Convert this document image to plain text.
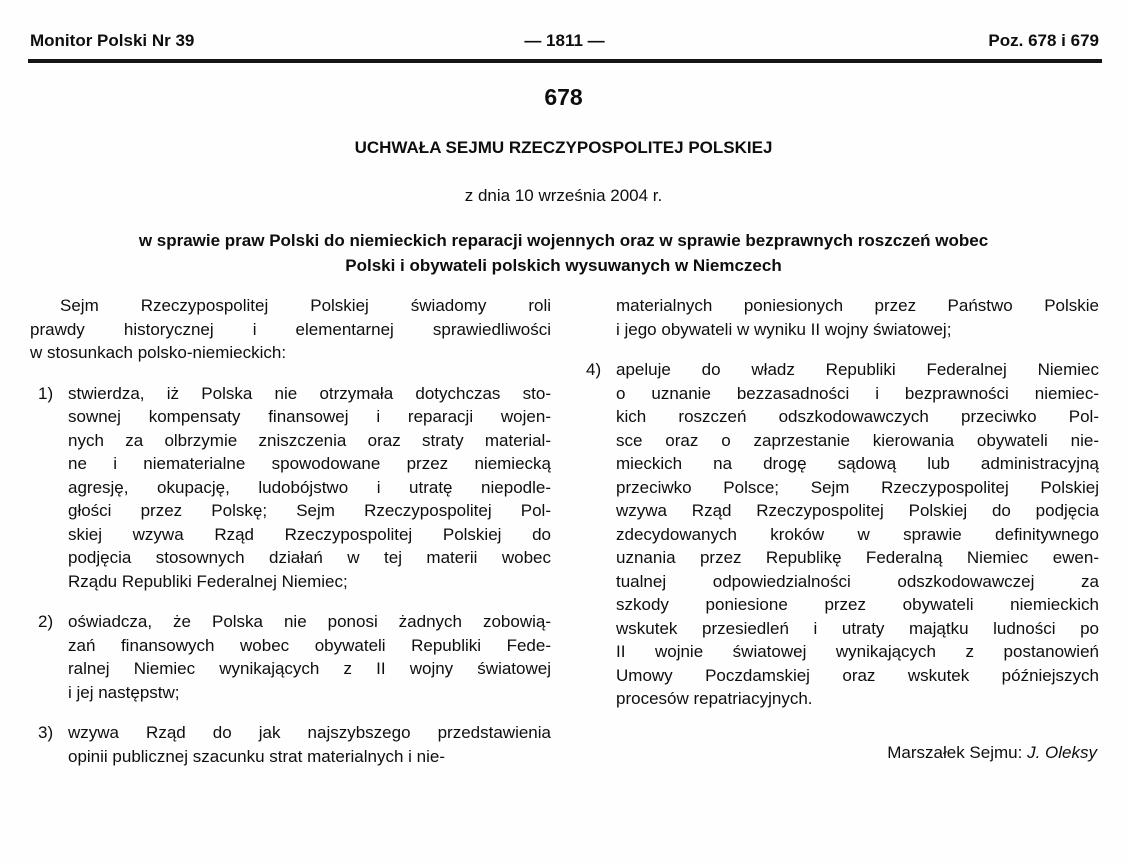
Monitor Polski Nr 39	— 1811 —	Poz. 678 i 679
678
UCHWAŁA SEJMU RZECZYPOSPOLITEJ POLSKIEJ
z dnia 10 września 2004 r.
w sprawie praw Polski do niemieckich reparacji wojennych oraz w sprawie bezprawnych roszczeń wobec
Polski i obywateli polskich wysuwanych w Niemczech
Sejm Rzeczypospolitej Polskiej świadomy roli
prawdy historycznej i elementarnej sprawiedliwości
w stosunkach polsko-niemieckich:
1) stwierdza, iż Polska nie otrzymała dotychczas sto-
sownej kompensaty finansowej i reparacji wojen-
nych za olbrzymie zniszczenia oraz straty material-
ne i niematerialne spowodowane przez niemiecką
agresję, okupację, ludobójstwo i utratę niepodle-
głości przez Polskę; Sejm Rzeczypospolitej Pol-
skiej wzywa Rząd Rzeczypospolitej Polskiej do
podjęcia stosownych działań w tej materii wobec
Rządu Republiki Federalnej Niemiec;
2) oświadcza, że Polska nie ponosi żadnych zobowią-
zań finansowych wobec obywateli Republiki Fede-
ralnej Niemiec wynikających z II wojny światowej
i jej następstw;
3) wzywa Rząd do jak najszybszego przedstawienia
opinii publicznej szacunku strat materialnych i nie-
materialnych poniesionych przez Państwo Polskie
i jego obywateli w wyniku II wojny światowej;
4) apeluje do władz Republiki Federalnej Niemiec
o uznanie bezzasadności i bezprawności niemiec-
kich roszczeń odszkodowawczych przeciwko Pol-
sce oraz o zaprzestanie kierowania obywateli nie-
mieckich na drogę sądową lub administracyjną
przeciwko Polsce; Sejm Rzeczypospolitej Polskiej
wzywa Rząd Rzeczypospolitej Polskiej do podjęcia
zdecydowanych kroków w sprawie definitywnego
uznania przez Republikę Federalną Niemiec ewen-
tualnej odpowiedzialności odszkodowawczej za
szkody poniesione przez obywateli niemieckich
wskutek przesiedleń i utraty majątku ludności po
II wojnie światowej wynikających z postanowień
Umowy Poczdamskiej oraz wskutek późniejszych
procesów repatriacyjnych.
Marszałek Sejmu: J. Oleksy
